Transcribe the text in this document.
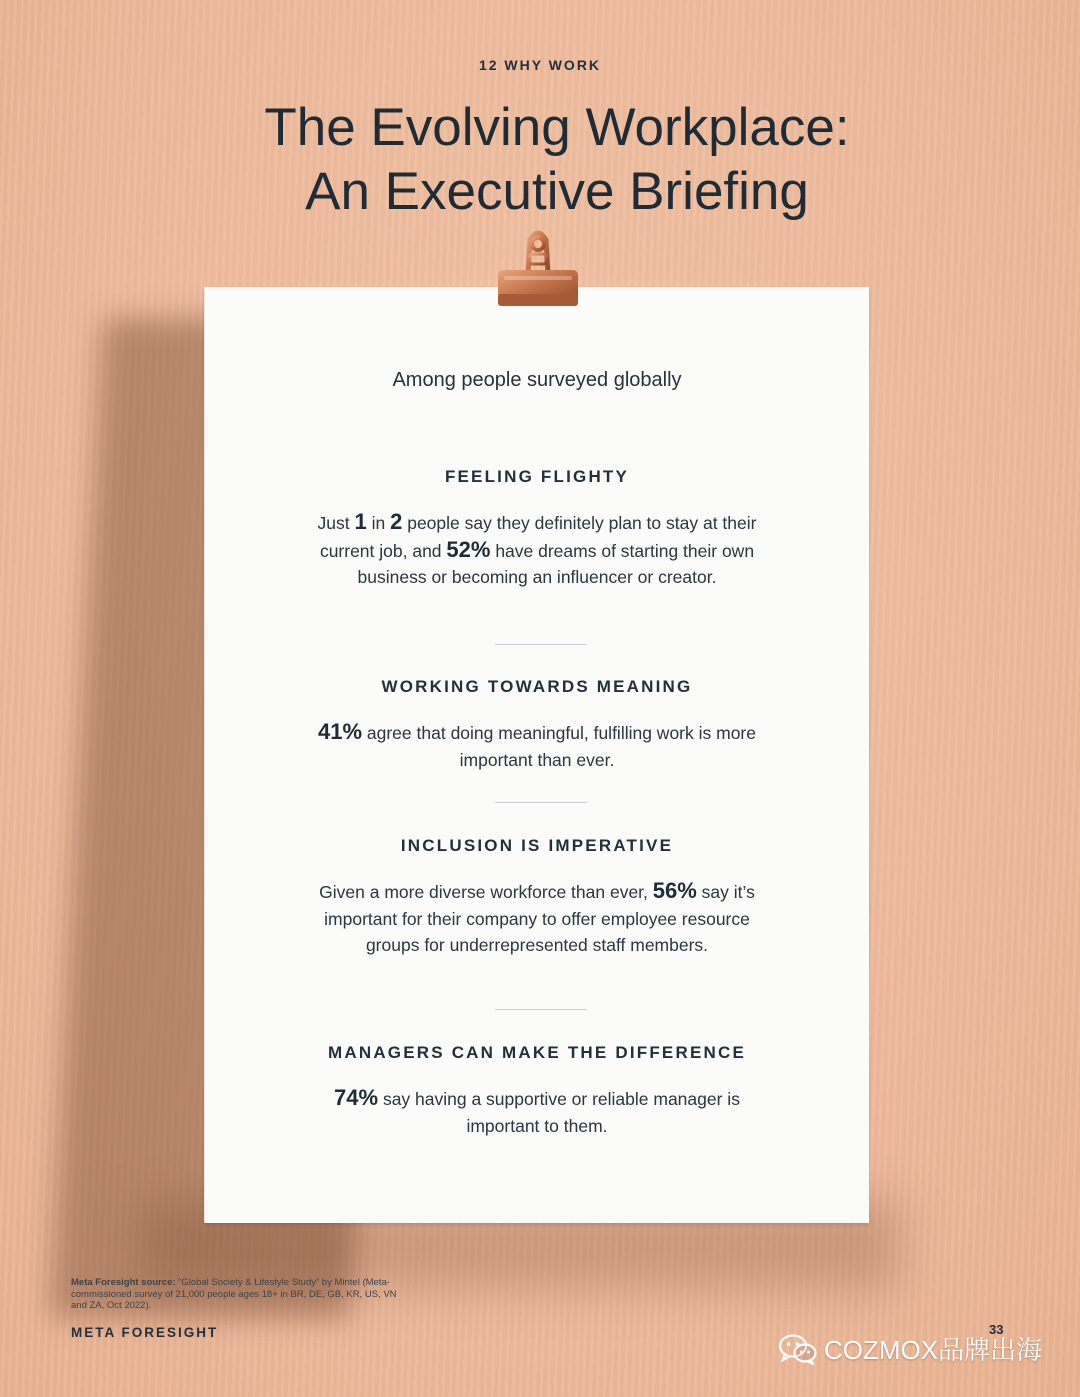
12 WHY WORK
The Evolving Workplace:
An Executive Briefing
Among people surveyed globally
FEELING FLIGHTY
Just 1 in 2 people say they definitely plan to stay at their current job, and 52% have dreams of starting their own business or becoming an influencer or creator.
WORKING TOWARDS MEANING
41% agree that doing meaningful, fulfilling work is more important than ever.
INCLUSION IS IMPERATIVE
Given a more diverse workforce than ever, 56% say it’s important for their company to offer employee resource groups for underrepresented staff members.
MANAGERS CAN MAKE THE DIFFERENCE
74% say having a supportive or reliable manager is important to them.
Meta Foresight source: “Global Society & Lifestyle Study” by Mintel (Meta-commissioned survey of 21,000 people ages 18+ in BR, DE, GB, KR, US, VN and ZA, Oct 2022).
META FORESIGHT	33
COZMOX品牌出海
